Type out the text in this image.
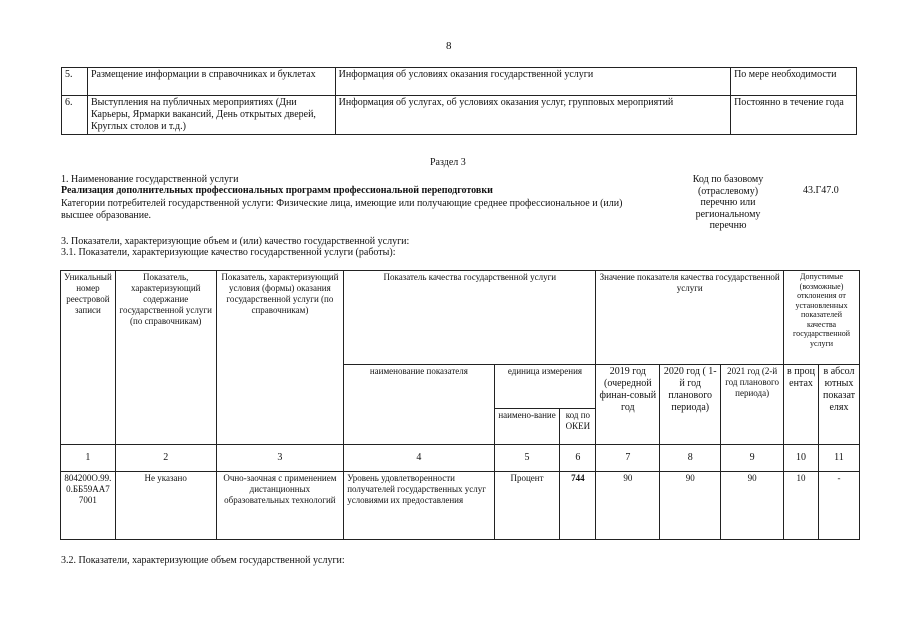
8
5.	Размещение информации в справочниках и буклетах	Информация об условиях оказания государственной услуги	По мере необходимости
6.	Выступления на публичных мероприятиях (Дни Карьеры, Ярмарки вакансий, День открытых дверей, Круглых столов и т.д.)	Информация об услугах, об условиях оказания услуг, групповых мероприятий	Постоянно в течение года
Раздел 3
1. Наименование государственной услуги
Реализация дополнительных профессиональных программ профессиональной переподготовки
Категории потребителей государственной услуги: Физические лица, имеющие или получающие среднее профессиональное и (или) высшее образование.
Код по базовому (отраслевому) перечню или региональному перечню
43.Г47.0
3. Показатели, характеризующие объем и (или) качество государственной услуги:
3.1. Показатели, характеризующие качество государственной услуги (работы):
Уникальный номер реестровой записи	Показатель, характеризующий содержание государственной услуги (по справочникам)	Показатель, характеризующий условия (формы) оказания государственной услуги (по справочникам)	Показатель качества государственной услуги			Значение показателя качества государственной услуги			Допустимые (возможные) отклонения от установленных показателей качества государственной услуги	
			наименование показателя	единица измерения		2019 год (очередной финан-совый год	2020 год ( 1-й год планового периода)	2021 год (2-й год планового периода)	в процентах	в абсолютных показателях
				наимено-вание	код по ОКЕИ					
1	2	3	4	5	6	7	8	9	10	11
804200О.99.0.ББ59АА77001	Не указано	Очно-заочная с применением дистанционных образовательных технологий	Уровень удовлетворенности получателей государственных услуг условиями их предоставления	Процент	744	90	90	90	10	-
3.2. Показатели, характеризующие объем государственной услуги:
